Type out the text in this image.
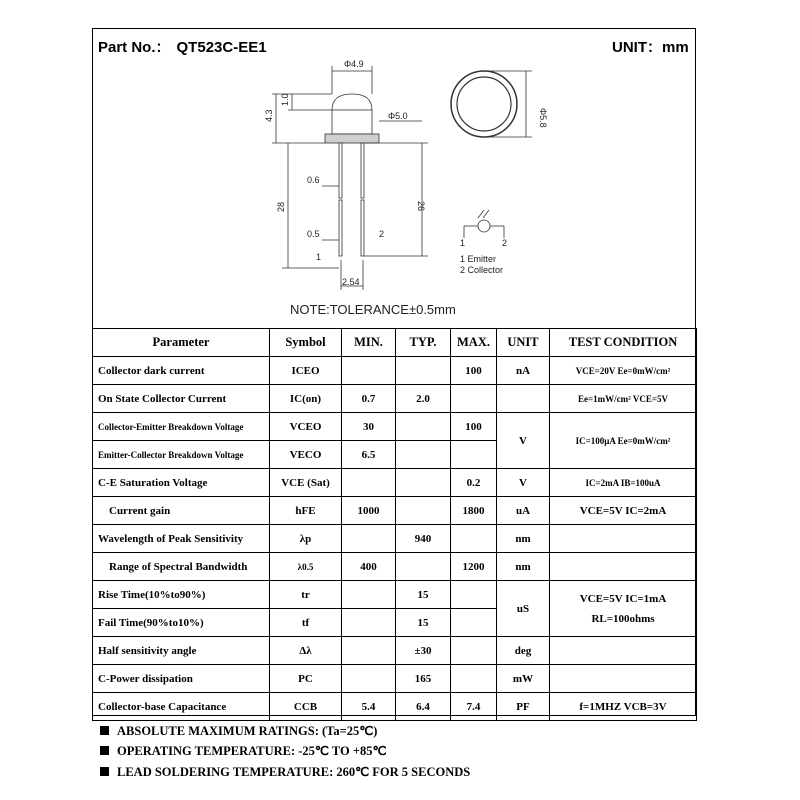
Part No.： QT523C-EE1	UNIT：mm
Φ4.9
Φ5.0	Φ5.8
4.3
1.0
28	26
0.6
0.5	2
1
2.54
1	2
1 Emitter
2 Collector
NOTE:TOLERANCE±0.5mm
Parameter	Symbol	MIN.	TYP.	MAX.	UNIT	TEST CONDITION
Collector dark current	ICEO			100	nA	VCE=20V Ee=0mW/cm²
On State Collector Current	IC(on)	0.7	2.0			Ee=1mW/cm² VCE=5V
Collector-Emitter Breakdown Voltage	VCEO	30		100	V	IC=100μA Ee=0mW/cm²
Emitter-Collector Breakdown Voltage	VECO	6.5				
C-E Saturation Voltage	VCE (Sat)			0.2	V	IC=2mA IB=100uA
Current gain	hFE	1000		1800	uA	VCE=5V IC=2mA
Wavelength of Peak Sensitivity	λp		940		nm	
Range of Spectral Bandwidth	λ0.5	400		1200	nm	
Rise Time(10%to90%)	tr		15		uS	VCE=5V IC=1mA
RL=100ohms

Fail Time(90%to10%)	tf		15			
Half sensitivity angle	Δλ		±30		deg	
C-Power dissipation	PC		165		mW	
Collector-base Capacitance	CCB	5.4	6.4	7.4	PF	f=1MHZ VCB=3V
ABSOLUTE MAXIMUM RATINGS: (Ta=25℃)
OPERATING TEMPERATURE: -25℃ TO +85℃
LEAD SOLDERING TEMPERATURE: 260℃ FOR 5 SECONDS
